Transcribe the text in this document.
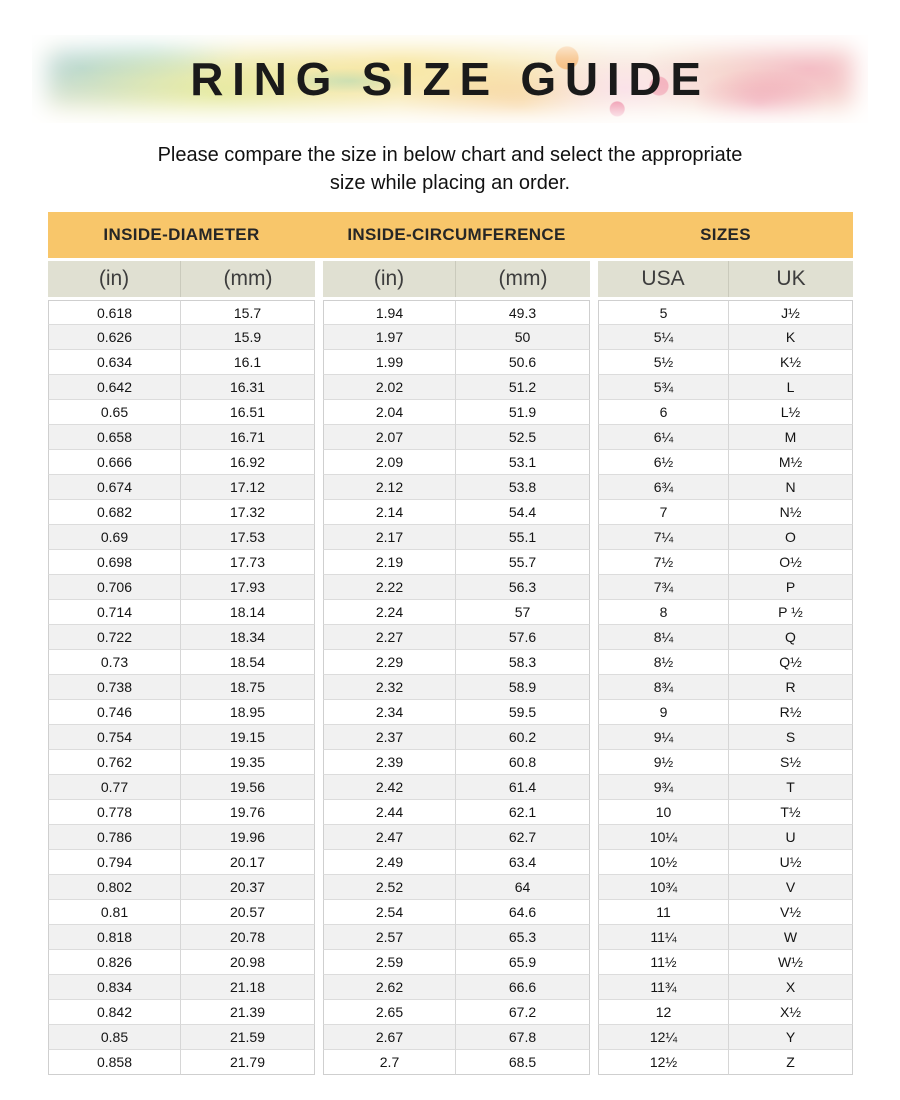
RING SIZE GUIDE

Please compare the size in below chart and select the appropriate
size while placing an order.

INSIDE-DIAMETER	INSIDE-CIRCUMFERENCE	SIZES
(in)	(mm)	(in)	(mm)	USA	UK
0.618	15.7	1.94	49.3	5	J½
0.626	15.9	1.97	50	5¼	K
0.634	16.1	1.99	50.6	5½	K½
0.642	16.31	2.02	51.2	5¾	L
0.65	16.51	2.04	51.9	6	L½
0.658	16.71	2.07	52.5	6¼	M
0.666	16.92	2.09	53.1	6½	M½
0.674	17.12	2.12	53.8	6¾	N
0.682	17.32	2.14	54.4	7	N½
0.69	17.53	2.17	55.1	7¼	O
0.698	17.73	2.19	55.7	7½	O½
0.706	17.93	2.22	56.3	7¾	P
0.714	18.14	2.24	57	8	P ½
0.722	18.34	2.27	57.6	8¼	Q
0.73	18.54	2.29	58.3	8½	Q½
0.738	18.75	2.32	58.9	8¾	R
0.746	18.95	2.34	59.5	9	R½
0.754	19.15	2.37	60.2	9¼	S
0.762	19.35	2.39	60.8	9½	S½
0.77	19.56	2.42	61.4	9¾	T
0.778	19.76	2.44	62.1	10	T½
0.786	19.96	2.47	62.7	10¼	U
0.794	20.17	2.49	63.4	10½	U½
0.802	20.37	2.52	64	10¾	V
0.81	20.57	2.54	64.6	11	V½
0.818	20.78	2.57	65.3	11¼	W
0.826	20.98	2.59	65.9	11½	W½
0.834	21.18	2.62	66.6	11¾	X
0.842	21.39	2.65	67.2	12	X½
0.85	21.59	2.67	67.8	12¼	Y
0.858	21.79	2.7	68.5	12½	Z
